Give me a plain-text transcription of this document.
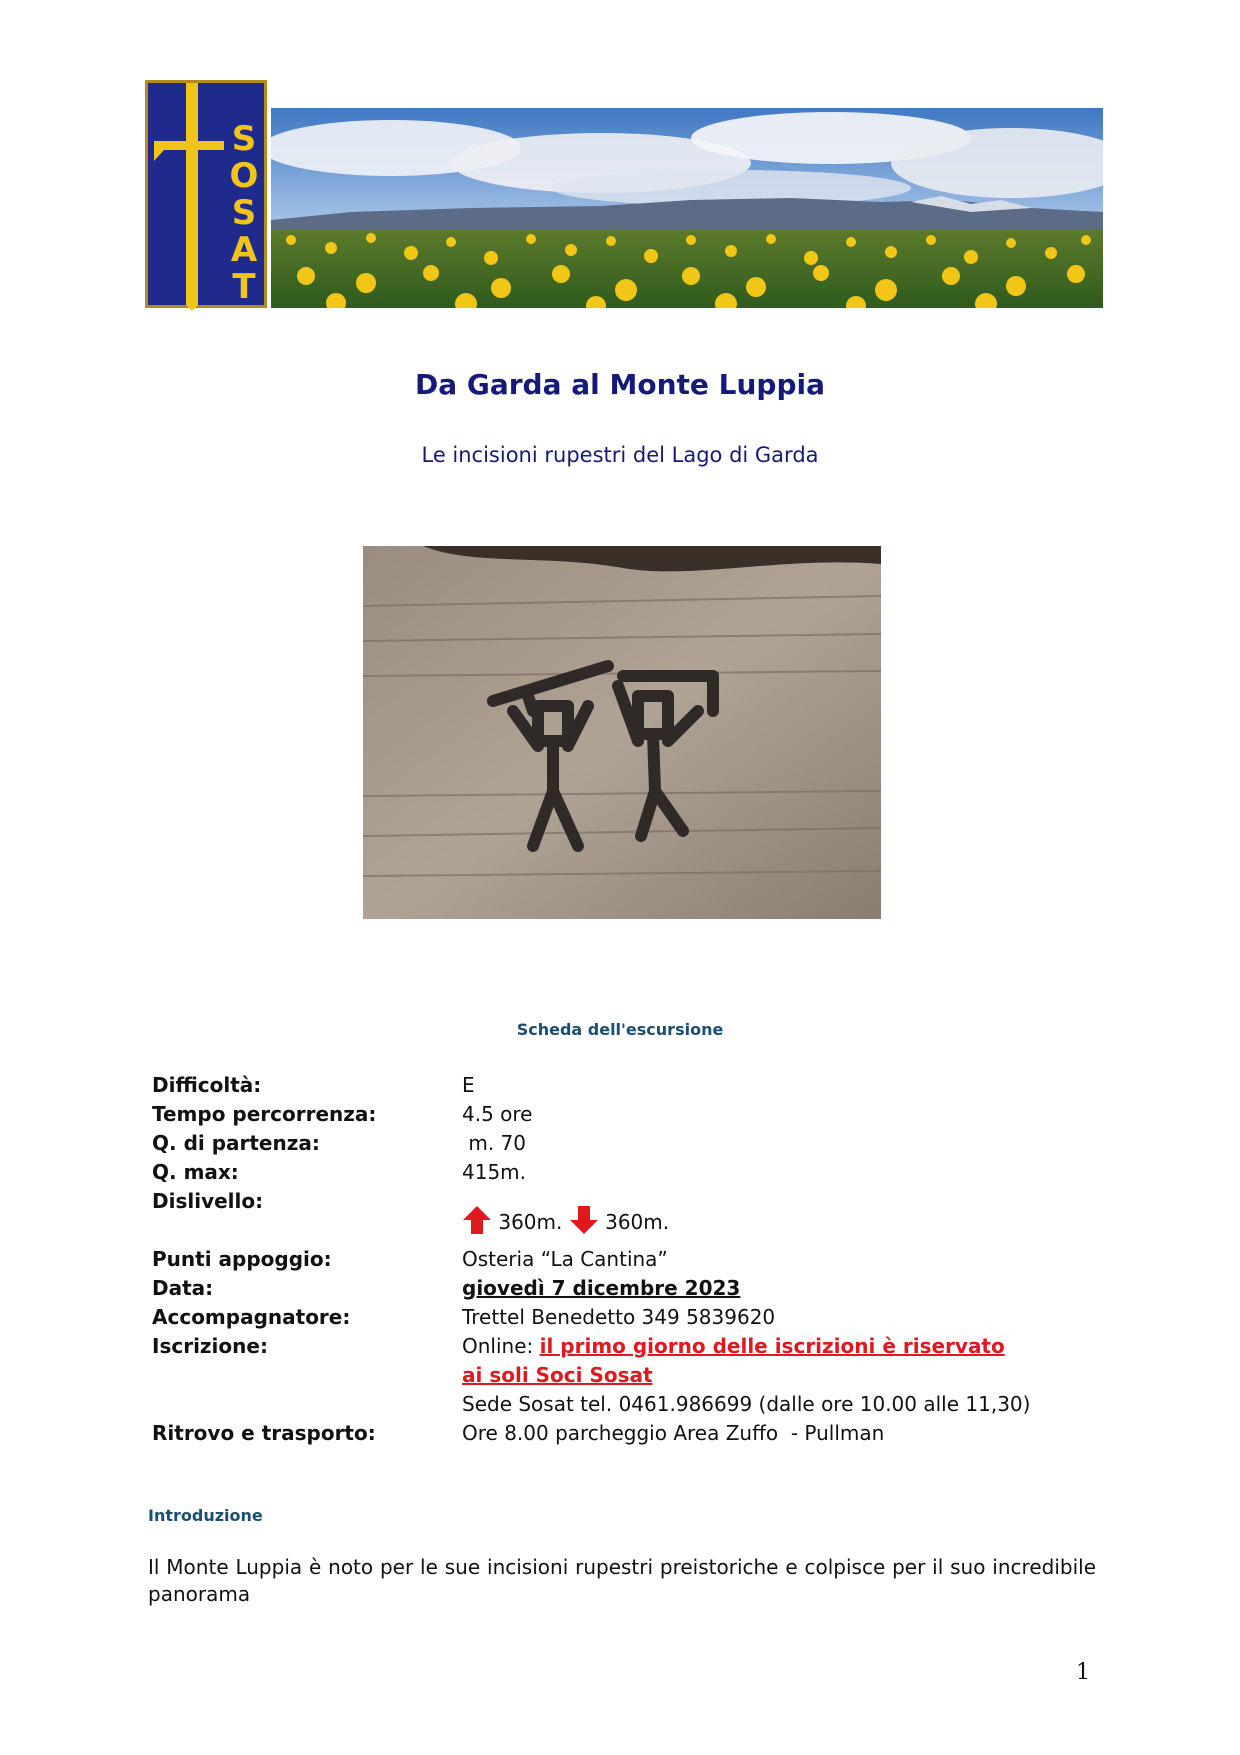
S
O
S
A
T
Da Garda al Monte Luppia
Le incisioni rupestri del Lago di Garda
Scheda dell'escursione
Difficoltà:	E
Tempo percorrenza:	4.5 ore
Q. di partenza:	m. 70
Q. max:	415m.
Dislivello:
360m. 360m.
Punti appoggio:	Osteria “La Cantina”
Data:	giovedì 7 dicembre 2023
Accompagnatore:	Trettel Benedetto 349 5839620
Iscrizione:	Online: il primo giorno delle iscrizioni è riservato
ai soli Soci Sosat
Sede Sosat tel. 0461.986699 (dalle ore 10.00 alle 11,30)
Ritrovo e trasporto:	Ore 8.00 parcheggio Area Zuffo  - Pullman
Introduzione
Il Monte Luppia è noto per le sue incisioni rupestri preistoriche e colpisce per il suo incredibile panorama
1
